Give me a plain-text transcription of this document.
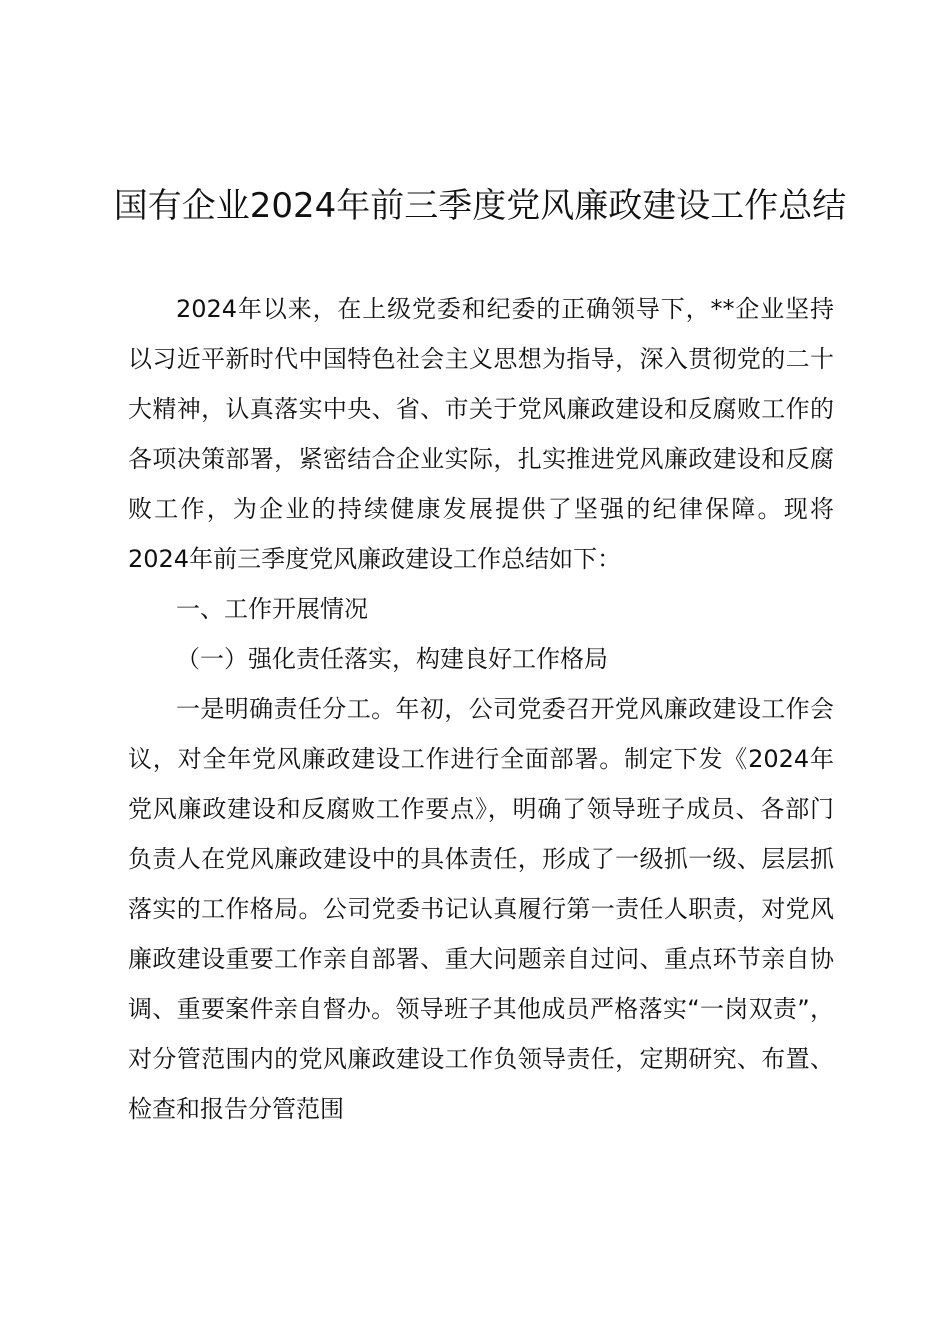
国有企业2024年前三季度党风廉政建设工作总结

2024年以来，在上级党委和纪委的正确领导下，**企业坚持以习近平新时代中国特色社会主义思想为指导，深入贯彻党的二十大精神，认真落实中央、省、市关于党风廉政建设和反腐败工作的各项决策部署，紧密结合企业实际，扎实推进党风廉政建设和反腐败工作，为企业的持续健康发展提供了坚强的纪律保障。现将2024年前三季度党风廉政建设工作总结如下：

一、工作开展情况

（一）强化责任落实，构建良好工作格局

一是明确责任分工。年初，公司党委召开党风廉政建设工作会议，对全年党风廉政建设工作进行全面部署。制定下发《2024年党风廉政建设和反腐败工作要点》，明确了领导班子成员、各部门负责人在党风廉政建设中的具体责任，形成了一级抓一级、层层抓落实的工作格局。公司党委书记认真履行第一责任人职责，对党风廉政建设重要工作亲自部署、重大问题亲自过问、重点环节亲自协调、重要案件亲自督办。领导班子其他成员严格落实“一岗双责”，对分管范围内的党风廉政建设工作负领导责任，定期研究、布置、检查和报告分管范围
